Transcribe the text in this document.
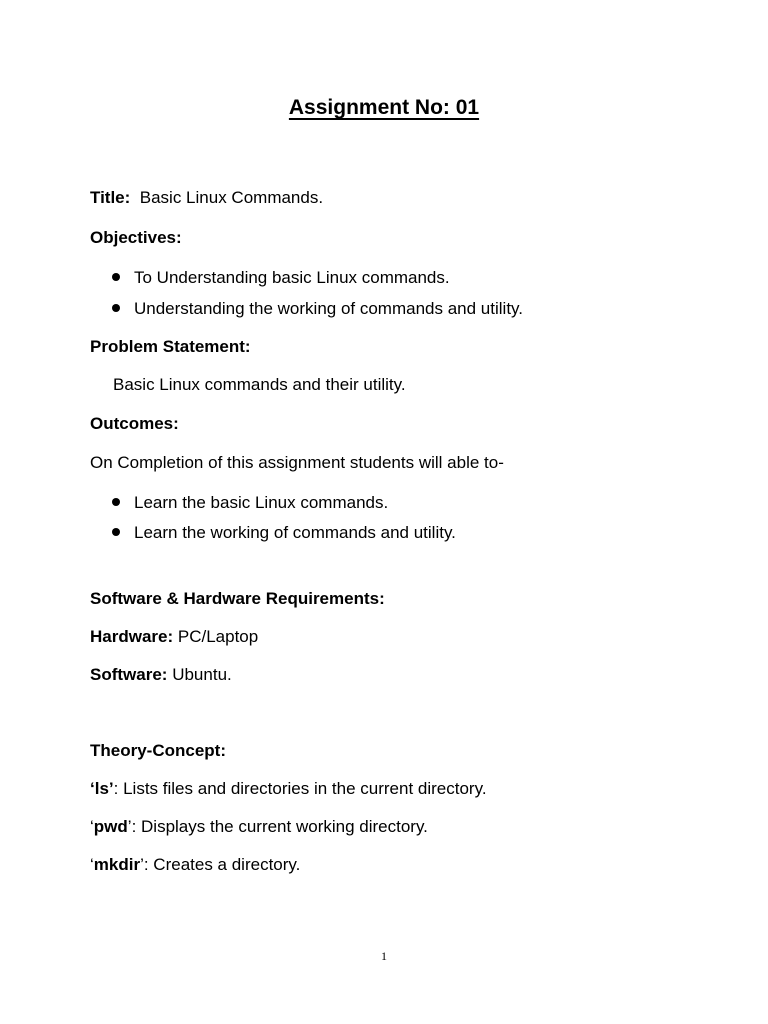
Assignment No: 01
Title: Basic Linux Commands.
Objectives:
To Understanding basic Linux commands.
Understanding the working of commands and utility.
Problem Statement:
Basic Linux commands and their utility.
Outcomes:
On Completion of this assignment students will able to-
Learn the basic Linux commands.
Learn the working of commands and utility.
Software & Hardware Requirements:
Hardware: PC/Laptop
Software: Ubuntu.
Theory-Concept:
‘ls’: Lists files and directories in the current directory.
‘pwd’: Displays the current working directory.
‘mkdir’: Creates a directory.
1
